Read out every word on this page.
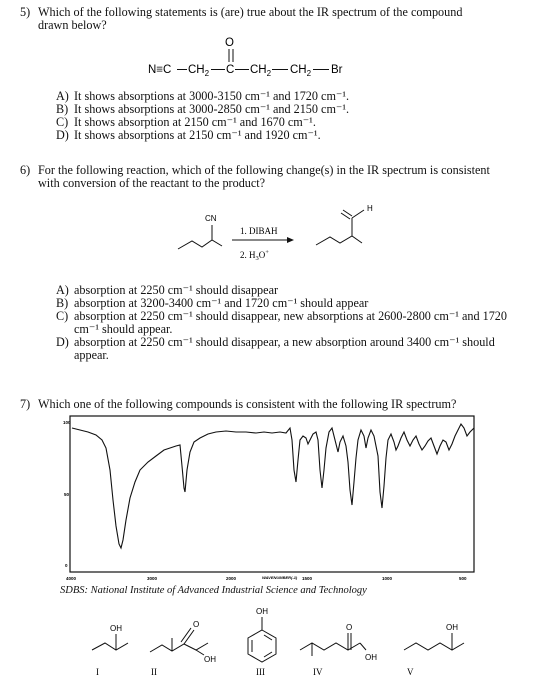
5) Which of the following statements is (are) true about the IR spectrum of the compound
drawn below?
N≡C $CH_2$
O
C $CH_2$ $CH_2$ Br
A) It shows absorptions at 3000-3150 cm⁻¹ and 1720 cm⁻¹.
B) It shows absorptions at 3000-2850 cm⁻¹ and 2150 cm⁻¹.
C) It shows absorption at 2150 cm⁻¹ and 1670 cm⁻¹.
D) It shows absorptions at 2150 cm⁻¹ and 1920 cm⁻¹.
6) For the following reaction, which of the following change(s) in the IR spectrum is consistent
with conversion of the reactant to the product?
CN
1. DIBAH
2. $H_3O^+$
H
A) absorption at 2250 cm⁻¹ should disappear
B) absorption at 3200-3400 cm⁻¹ and 1720 cm⁻¹ should appear
C) absorption at 2250 cm⁻¹ should disappear, new absorptions at 2600-2800 cm⁻¹ and 1720
cm⁻¹ should appear.
D) absorption at 2250 cm⁻¹ should disappear, a new absorption around 3400 cm⁻¹ should
appear.
7) Which one of the following compounds is consistent with the following IR spectrum?
100
50
0
4000	3000	2000	WAVENUMBER(-1) 1500	1000	500
SDBS: National Institute of Advanced Industrial Science and Technology
OH
I
O
OH
II
OH
III
O
OH
IV
OH
V
